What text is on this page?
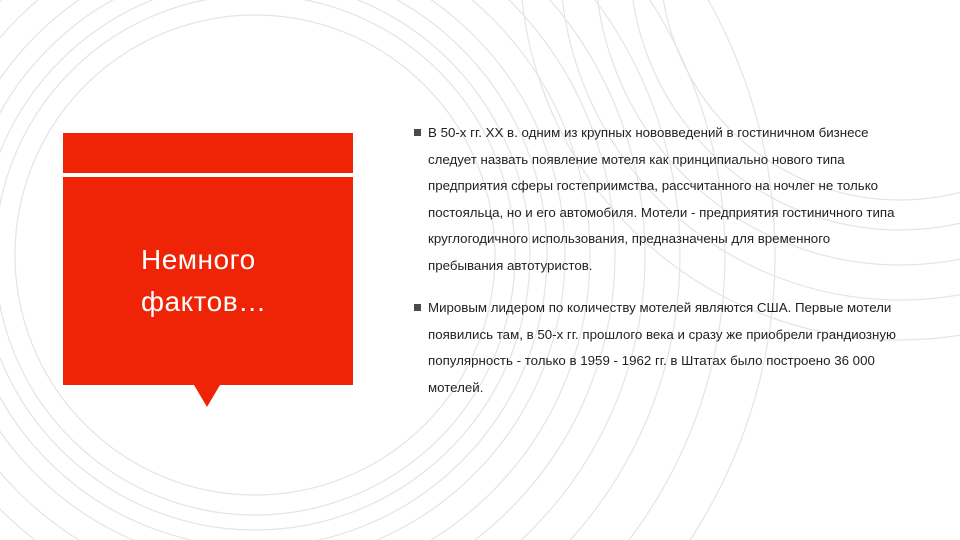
Немного
фактов…
В 50-х гг. XX в. одним из крупных нововведений в гостиничном бизнесе следует назвать появление мотеля как принципиально нового типа предприятия сферы гостеприимства, рассчитанного на ночлег не только постояльца, но и его автомобиля. Мотели - предприятия гостиничного типа круглогодичного использования, предназначены для временного пребывания автотуристов.
Мировым лидером по количеству мотелей являются США. Первые мотели появились там, в 50-х гг. прошлого века и сразу же приобрели грандиозную популярность - только в 1959 - 1962 гг. в Штатах было построено 36 000 мотелей.
